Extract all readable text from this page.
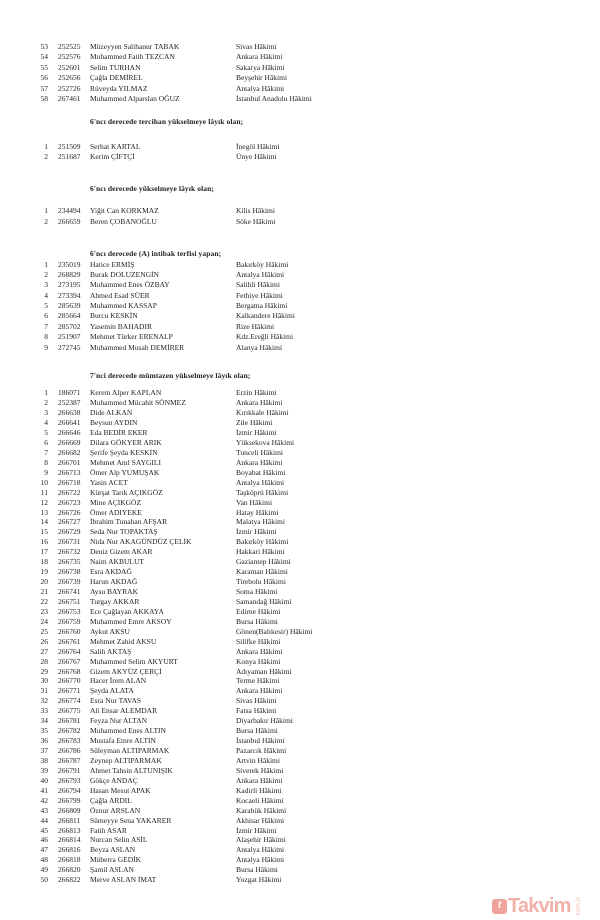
53 252525 Müzeyyen Salihanur TABAK	Sivas Hâkimi
54 252576 Muhammed Fatih TEZCAN	Ankara Hâkimi
55 252601 Selim TURHAN	Sakarya Hâkimi
56 252656 Çağla DEMİREL	Beyşehir Hâkimi
57 252726 Rüveyda YILMAZ	Antalya Hâkimi
58 267461 Muhammed Alparslan OĞUZ	İstanbul Anadolu Hâkimi
6'ncı derecede tercihan yükselmeye lâyık olan;
1 251509 Serhat KARTAL	İnegöl Hâkimi
2 251687 Kerim ÇİFTÇİ	Ünye Hâkimi
6'ncı derecede yükselmeye lâyık olan;
1 234494 Yiğit Can KORKMAZ	Kilis Hâkimi
2 266659 Beren ÇOBANOĞLU	Söke Hâkimi
6'ncı derecede (A) intibak terfisi yapan;
1 235019 Hatice ERMİŞ	Bakırköy Hâkimi
2 268829 Burak DOLUZENGİN	Antalya Hâkimi
3 273195 Muhammed Enes ÖZBAY	Salihli Hâkimi
4 273394 Ahmed Esad SÜER	Fethiye Hâkimi
5 285639 Muhammed KASSAP	Bergama Hâkimi
6 285664 Burcu KESKİN	Kalkandere Hâkimi
7 285702 Yasemin BAHADIR	Rize Hâkimi
8 251907 Mehmet Türker ERENALP	Kdz.Ereğli Hâkimi
9 272745 Muhammed Musab DEMİRER	Alanya Hâkimi
7'nci derecede mümtazen yükselmeye lâyık olan;
1 186071 Kerem Alper KAPLAN	Erzin Hâkimi
2 252387 Muhammed Mücahit SÖNMEZ	Ankara Hâkimi
3 266638 Dide ALKAN	Kırıkkale Hâkimi
4 266641 Beysun AYDIN	Zile Hâkimi
5 266646 Eda BEDİR EKER	İzmir Hâkimi
6 266669 Dilara GÖKYER ARIK	Yüksekova Hâkimi
7 266682 Şerife Şeyda KESKİN	Tunceli Hâkimi
8 266701 Mehmet Anıl SAYGILI	Ankara Hâkimi
9 266713 Ömer Alp YUMUŞAK	Boyabat Hâkimi
10 266718 Yasin ACET	Antalya Hâkimi
11 266722 Kürşat Tarık AÇIKGÖZ	Taşköprü Hâkimi
12 266723 Mine AÇIKGÖZ	Van Hâkimi
13 266726 Ömer ADIYEKE	Hatay Hâkimi
14 266727 İbrahim Tunahan AFŞAR	Malatya Hâkimi
15 266729 Seda Nur TOPAKTAŞ	İzmir Hâkimi
16 266731 Nida Nur AKAGÜNDÜZ ÇELİK	Bakırköy Hâkimi
17 266732 Deniz Gizem AKAR	Hakkari Hâkimi
18 266735 Naim AKBULUT	Gaziantep Hâkimi
19 266738 Esra AKDAĞ	Karaman Hâkimi
20 266739 Harun AKDAĞ	Tirebolu Hâkimi
21 266741 Aysu BAYRAK	Soma Hâkimi
22 266751 Turgay AKKAR	Samandağ Hâkimi
23 266753 Ece Çağlayan AKKAYA	Edirne Hâkimi
24 266759 Muhammed Emre AKSOY	Bursa Hâkimi
25 266760 Aykut AKSU	Gönen(Balıkesir) Hâkimi
26 266761 Mehmet Zahid AKSU	Silifke Hâkimi
27 266764 Salih AKTAŞ	Ankara Hâkimi
28 266767 Muhammed Selim AKYURT	Konya Hâkimi
29 266768 Gizem AKYÜZ ÇERÇİ	Adıyaman Hâkimi
30 266770 Hacer İrem ALAN	Terme Hâkimi
31 266771 Şeyda ALATA	Ankara Hâkimi
32 266774 Esra Nur TAVAS	Sivas Hâkimi
33 266775 Ali Ensar ALEMDAR	Fatsa Hâkimi
34 266781 Feyza Nur ALTAN	Diyarbakır Hâkimi
35 266782 Muhammed Enes ALTIN	Bursa Hâkimi
36 266783 Mustafa Emre ALTIN	İstanbul Hâkimi
37 266786 Süleyman ALTIPARMAK	Pazarcık Hâkimi
38 266787 Zeynep ALTIPARMAK	Artvin Hâkimi
39 266791 Ahmet Tahsin ALTUNIŞIK	Siverek Hâkimi
40 266793 Gökçe ANDAÇ	Ankara Hâkimi
41 266794 Hasan Mesut APAK	Kadirli Hâkimi
42 266799 Çağla ARDIL	Kocaeli Hâkimi
43 266809 Öznur ARSLAN	Karabük Hâkimi
44 266811 Sümeyye Sena YAKARER	Akhisar Hâkimi
45 266813 Fatih ASAR	İzmir Hâkimi
46 266814 Nurcan Selin ASİL	Alaşehir Hâkimi
47 266816 Beyza ASLAN	Antalya Hâkimi
48 266818 Müberra GEDİK	Antalya Hâkimi
49 266820 Şamil ASLAN	Bursa Hâkimi
50 266822 Merve ASLAN İMAT	Yozgat Hâkimi
t Takvim com.tr
